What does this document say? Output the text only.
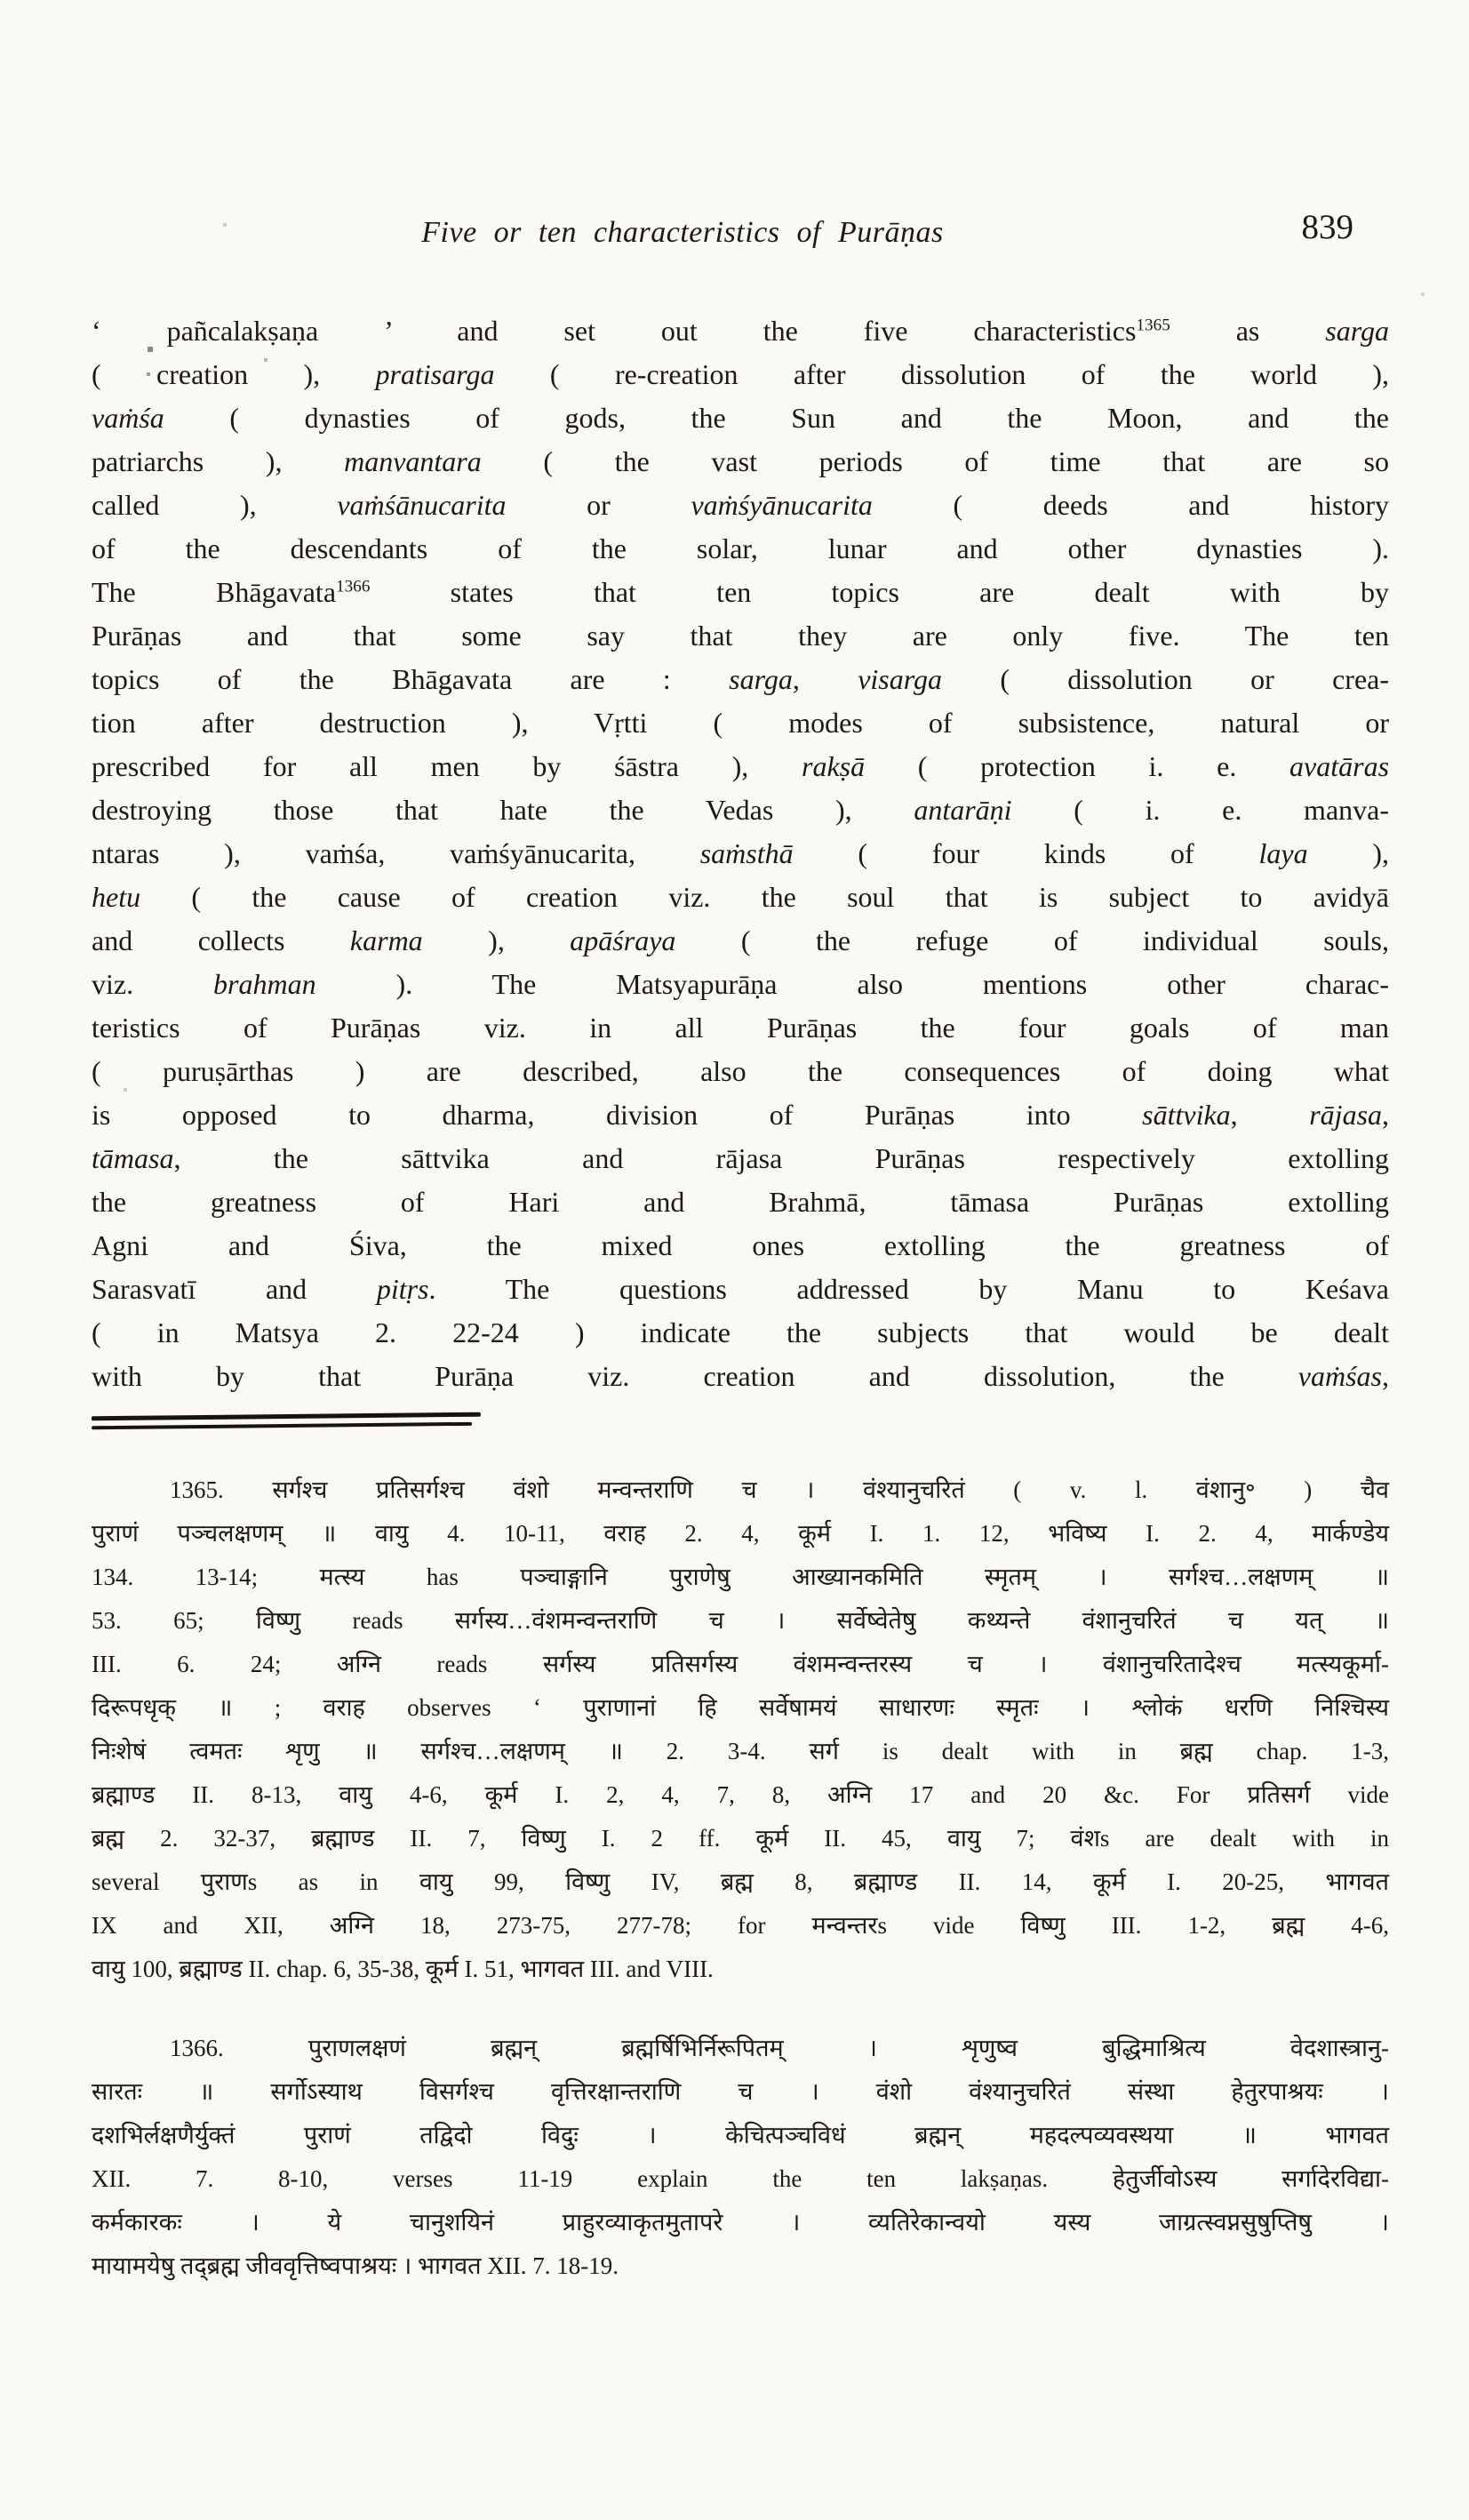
Five or ten characteristics of Purāṇas	839
‘ pañcalakṣaṇa ’ and set out the five characteristics$^{1365}$ as sarga
( creation ), pratisarga ( re-creation after dissolution of the world ),
vaṁśa ( dynasties of gods, the Sun and the Moon, and the
patriarchs ), manvantara ( the vast periods of time that are so
called ), vaṁśānucarita or vaṁśyānucarita ( deeds and history
of the descendants of the solar, lunar and other dynasties ).
The Bhāgavata$^{1366}$ states that ten topics are dealt with by
Purāṇas and that some say that they are only five. The ten
topics of the Bhāgavata are : sarga, visarga ( dissolution or crea-
tion after destruction ), Vṛtti ( modes of subsistence, natural or
prescribed for all men by śāstra ), rakṣā ( protection i. e. avatāras
destroying those that hate the Vedas ), antarāṇi ( i. e. manva-
ntaras ), vaṁśa, vaṁśyānucarita, saṁsthā ( four kinds of laya ),
hetu ( the cause of creation viz. the soul that is subject to avidyā
and collects karma ), apāśraya ( the refuge of individual souls,
viz. brahman ). The Matsyapurāṇa also mentions other charac-
teristics of Purāṇas viz. in all Purāṇas the four goals of man
( puruṣārthas ) are described, also the consequences of doing what
is opposed to dharma, division of Purāṇas into sāttvika, rājasa,
tāmasa, the sāttvika and rājasa Purāṇas respectively extolling
the greatness of Hari and Brahmā, tāmasa Purāṇas extolling
Agni and Śiva, the mixed ones extolling the greatness of
Sarasvatī and pitṛs. The questions addressed by Manu to Keśava
( in Matsya 2. 22-24 ) indicate the subjects that would be dealt
with by that Purāṇa viz. creation and dissolution, the vaṁśas,
1365. सर्गश्च प्रतिसर्गश्च वंशो मन्वन्तराणि च । वंश्यानुचरितं ( v. l. वंशानु॰ ) चैव
पुराणं पञ्चलक्षणम् ॥ वायु 4. 10-11, वराह 2. 4, कूर्म I. 1. 12, भविष्य I. 2. 4, मार्कण्डेय
134. 13-14; मत्स्य has पञ्चाङ्गानि पुराणेषु आख्यानकमिति स्मृतम् । सर्गश्च…लक्षणम् ॥
53. 65; विष्णु reads सर्गस्य…वंशमन्वन्तराणि च । सर्वेष्वेतेषु कथ्यन्ते वंशानुचरितं च यत् ॥
III. 6. 24; अग्नि reads सर्गस्य प्रतिसर्गस्य वंशमन्वन्तरस्य च । वंशानुचरितादेश्च मत्स्यकूर्मा-
दिरूपधृक् ॥ ; वराह observes ‘ पुराणानां हि सर्वेषामयं साधारणः स्मृतः । श्लोकं धरणि निश्चिस्य
निःशेषं त्वमतः शृणु ॥ सर्गश्च…लक्षणम् ॥ 2. 3-4. सर्ग is dealt with in ब्रह्म chap. 1-3,
ब्रह्माण्ड II. 8-13, वायु 4-6, कूर्म I. 2, 4, 7, 8, अग्नि 17 and 20 &c. For प्रतिसर्ग vide
ब्रह्म 2. 32-37, ब्रह्माण्ड II. 7, विष्णु I. 2 ff. कूर्म II. 45, वायु 7; वंशs are dealt with in
several पुराणs as in वायु 99, विष्णु IV, ब्रह्म 8, ब्रह्माण्ड II. 14, कूर्म I. 20-25, भागवत
IX and XII, अग्नि 18, 273-75, 277-78; for मन्वन्तरs vide विष्णु III. 1-2, ब्रह्म 4-6,
वायु 100, ब्रह्माण्ड II. chap. 6, 35-38, कूर्म I. 51, भागवत III. and VIII.
1366. पुराणलक्षणं ब्रह्मन् ब्रह्मर्षिभिर्निरूपितम् । शृणुष्व बुद्धिमाश्रित्य वेदशास्त्रानु-
सारतः ॥ सर्गोऽस्याथ विसर्गश्च वृत्तिरक्षान्तराणि च । वंशो वंश्यानुचरितं संस्था हेतुरपाश्रयः ।
दशभिर्लक्षणैर्युक्तं पुराणं तद्विदो विदुः । केचित्पञ्चविधं ब्रह्मन् महदल्पव्यवस्थया ॥ भागवत
XII. 7. 8-10, verses 11-19 explain the ten lakṣaṇas. हेतुर्जीवोऽस्य सर्गादेरविद्या-
कर्मकारकः । ये चानुशयिनं प्राहुरव्याकृतमुतापरे । व्यतिरेकान्वयो यस्य जाग्रत्स्वप्नसुषुप्तिषु ।
मायामयेषु तद्ब्रह्म जीववृत्तिष्वपाश्रयः । भागवत XII. 7. 18-19.
